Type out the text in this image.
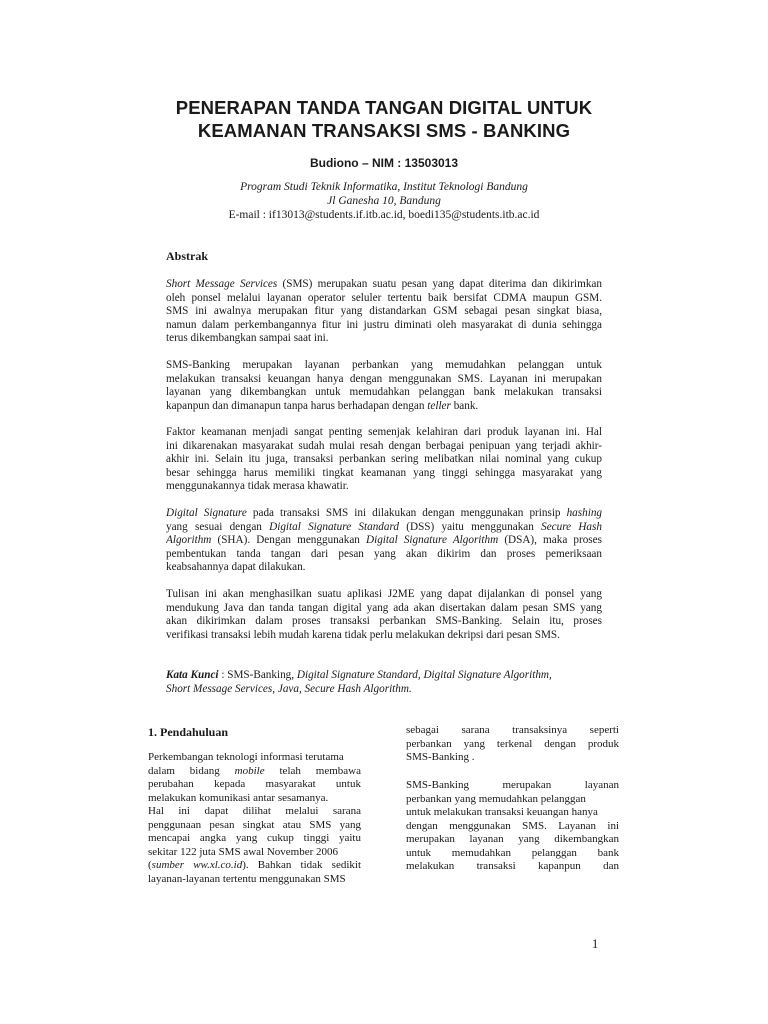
PENERAPAN TANDA TANGAN DIGITAL UNTUK
KEAMANAN TRANSAKSI SMS - BANKING
Budiono – NIM : 13503013
Program Studi Teknik Informatika, Institut Teknologi Bandung
Jl Ganesha 10, Bandung
E-mail : if13013@students.if.itb.ac.id, boedi135@students.itb.ac.id
Abstrak
Short Message Services (SMS) merupakan suatu pesan yang dapat diterima dan dikirimkan
oleh ponsel melalui layanan operator seluler tertentu baik bersifat CDMA maupun GSM.
SMS ini awalnya merupakan fitur yang distandarkan GSM sebagai pesan singkat biasa,
namun dalam perkembangannya fitur ini justru diminati oleh masyarakat di dunia sehingga
terus dikembangkan sampai saat ini.
SMS-Banking merupakan layanan perbankan yang memudahkan pelanggan untuk
melakukan transaksi keuangan hanya dengan menggunakan SMS. Layanan ini merupakan
layanan yang dikembangkan untuk memudahkan pelanggan bank melakukan transaksi
kapanpun dan dimanapun tanpa harus berhadapan dengan teller bank.
Faktor keamanan menjadi sangat penting semenjak kelahiran dari produk layanan ini. Hal
ini dikarenakan masyarakat sudah mulai resah dengan berbagai penipuan yang terjadi akhir-
akhir ini. Selain itu juga, transaksi perbankan sering melibatkan nilai nominal yang cukup
besar sehingga harus memiliki tingkat keamanan yang tinggi sehingga masyarakat yang
menggunakannya tidak merasa khawatir.
Digital Signature pada transaksi SMS ini dilakukan dengan menggunakan prinsip hashing
yang sesuai dengan Digital Signature Standard (DSS) yaitu menggunakan Secure Hash
Algorithm (SHA). Dengan menggunakan Digital Signature Algorithm (DSA), maka proses
pembentukan tanda tangan dari pesan yang akan dikirim dan proses pemeriksaan
keabsahannya dapat dilakukan.
Tulisan ini akan menghasilkan suatu aplikasi J2ME yang dapat dijalankan di ponsel yang
mendukung Java dan tanda tangan digital yang ada akan disertakan dalam pesan SMS yang
akan dikirimkan dalam proses transaksi perbankan SMS-Banking. Selain itu, proses
verifikasi transaksi lebih mudah karena tidak perlu melakukan dekripsi dari pesan SMS.
Kata Kunci : SMS-Banking, Digital Signature Standard, Digital Signature Algorithm,
Short Message Services, Java, Secure Hash Algorithm.
1. Pendahuluan
Perkembangan teknologi informasi terutama
dalam bidang mobile telah membawa
perubahan kepada masyarakat untuk
melakukan komunikasi antar sesamanya.
Hal ini dapat dilihat melalui sarana
penggunaan pesan singkat atau SMS yang
mencapai angka yang cukup tinggi yaitu
sekitar 122 juta SMS awal November 2006
(sumber ww.xl.co.id). Bahkan tidak sedikit
layanan-layanan tertentu menggunakan SMS
sebagai sarana transaksinya seperti
perbankan yang terkenal dengan produk
SMS-Banking .
SMS-Banking merupakan layanan
perbankan yang memudahkan pelanggan
untuk melakukan transaksi keuangan hanya
dengan menggunakan SMS. Layanan ini
merupakan layanan yang dikembangkan
untuk memudahkan pelanggan bank
melakukan transaksi kapanpun dan
1
